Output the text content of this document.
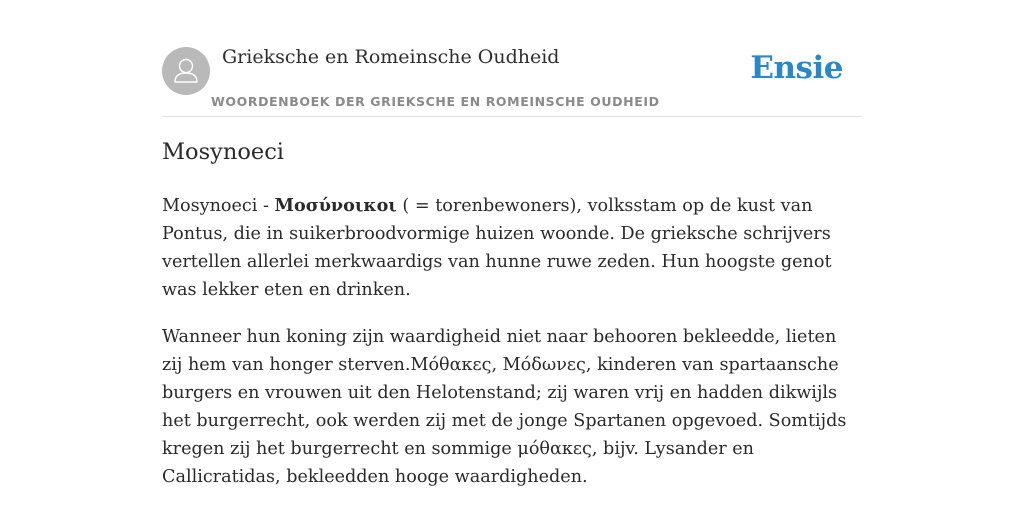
Grieksche en Romeinsche Oudheid
WOORDENBOEK DER GRIEKSCHE EN ROMEINSCHE OUDHEID
Ensie
Mosynoeci

Mosynoeci - Μοσύνοικοι ( = torenbewoners), volksstam op de kust van Pontus, die in suikerbroodvormige huizen woonde. De grieksche schrijvers vertellen allerlei merkwaardigs van hunne ruwe zeden. Hun hoogste genot was lekker eten en drinken.

Wanneer hun koning zijn waardigheid niet naar behooren bekleedde, lieten zij hem van honger sterven.Μόθακες, Μόδωνες, kinderen van spartaansche burgers en vrouwen uit den Helotenstand; zij waren vrij en hadden dikwijls het burgerrecht, ook werden zij met de jonge Spartanen opgevoed. Somtijds kregen zij het burgerrecht en sommige μόθακες, bijv. Lysander en Callicratidas, bekleedden hooge waardigheden.
